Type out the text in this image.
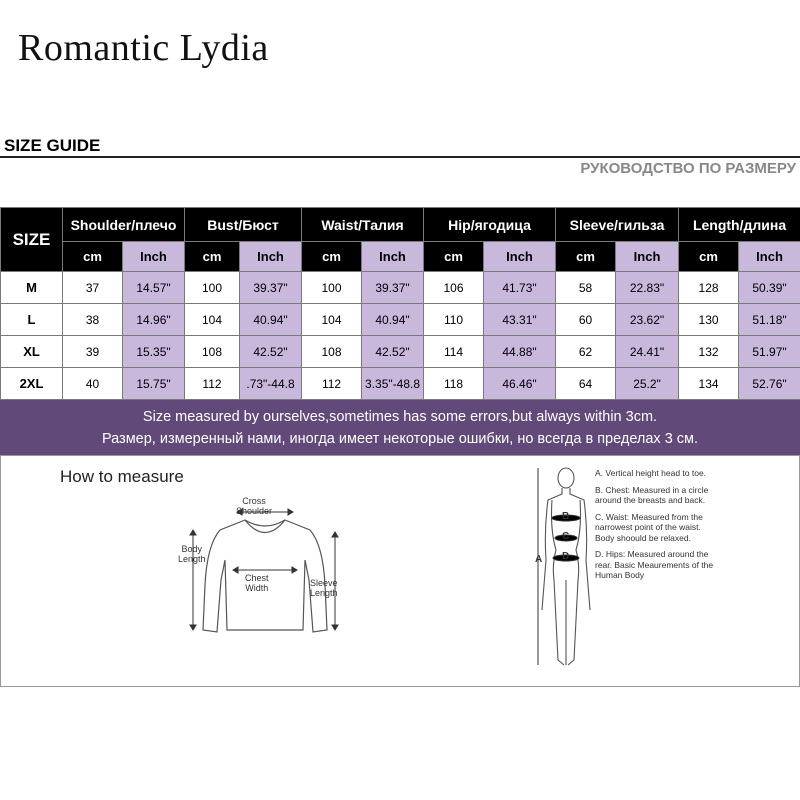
Romantic Lydia
SIZE GUIDE
РУКОВОДСТВО ПО РАЗМЕРУ
SIZE	Shoulder/плечо		Bust/Бюст		Waist/Талия		Hip/ягодица		Sleeve/гильза		Length/длина	
	cm	Inch	cm	Inch	cm	Inch	cm	Inch	cm	Inch	cm	Inch
M	37	14.57"	100	39.37"	100	39.37"	106	41.73"	58	22.83"	128	50.39"
L	38	14.96"	104	40.94"	104	40.94"	110	43.31"	60	23.62"	130	51.18"
XL	39	15.35"	108	42.52"	108	42.52"	114	44.88"	62	24.41"	132	51.97"
2XL	40	15.75"	112	.73"-44.8	112	3.35"-48.8	118	46.46"	64	25.2"	134	52.76"
Size measured by ourselves,sometimes has some errors,but always within 3cm.
Размер, измеренный нами, иногда имеет некоторые ошибки, но всегда в пределах 3 см.
How to measure
Cross
Shoulder
Body
Length
Chest
Width	Sleeve
Length
A
B
C
D
A. Vertical height head to toe.
B. Chest: Measured in a circle around the breasts and back.
C. Waist: Measured from the narrowest point of the waist. Body shoould be relaxed.
D. Hips: Measured around the rear. Basic Meaurements of the Human Body
